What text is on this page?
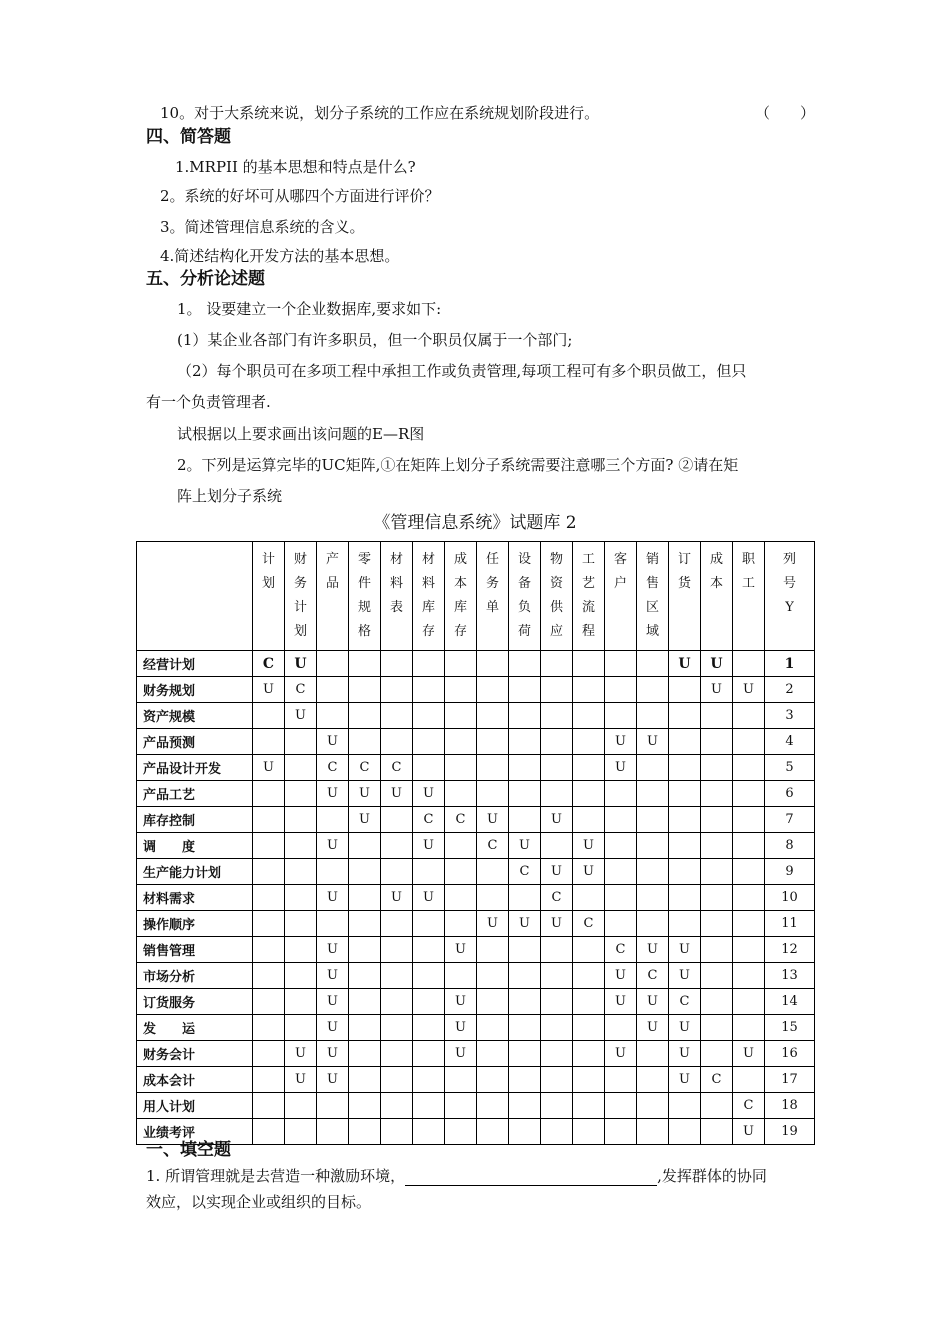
10。对于大系统来说，划分子系统的工作应在系统规划阶段进行。	（　　）
四、简答题
1.MRPII 的基本思想和特点是什么?
2。系统的好坏可从哪四个方面进行评价？
3。简述管理信息系统的含义。
4.简述结构化开发方法的基本思想。
五、分析论述题
1。 设要建立一个企业数据库,要求如下:
(1）某企业各部门有许多职员，但一个职员仅属于一个部门;
（2）每个职员可在多项工程中承担工作或负责管理,每项工程可有多个职员做工，但只
有一个负责管理者.
试根据以上要求画出该问题的E—R图
2。下列是运算完毕的UC矩阵,①在矩阵上划分子系统需要注意哪三个方面? ②请在矩
阵上划分子系统
《管理信息系统》试题库 2
	计划	财务计划	产品	零件规格	材料表	材料库存	成本库存	任务单	设备负荷	物资供应	工艺流程	客户	销售区域	订货	成本	职工	列号Y
经营计划	C	U												U	U		1
财务规划	U	C													U	U	2
资产规模		U															3
产品预测			U									U	U				4
产品设计开发	U		C	C	C							U					5
产品工艺			U	U	U	U											6
库存控制				U		C	C	U		U							7
调　　度			U			U		C	U		U						8
生产能力计划									C	U	U						9
材料需求			U		U	U				C							10
操作顺序								U	U	U	C						11
销售管理			U				U					C	U	U			12
市场分析			U									U	C	U			13
订货服务			U				U					U	U	C			14
发　　运			U				U						U	U			15
财务会计		U	U				U					U		U		U	16
成本会计		U	U											U	C		17
用人计划																C	18
业绩考评																U	19
一、填空题
1. 所谓管理就是去营造一种激励环境，	,发挥群体的协同
效应，以实现企业或组织的目标。
